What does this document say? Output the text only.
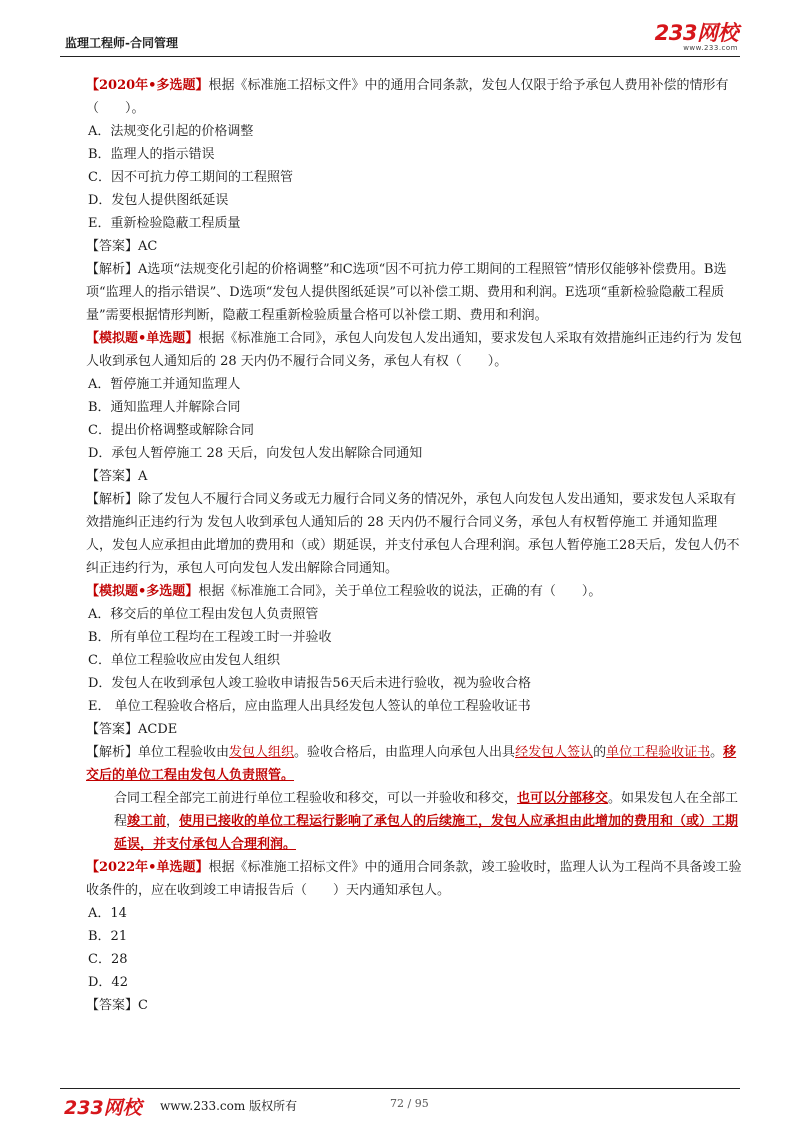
监理工程师-合同管理	233网校
www.233.com

【2020年•多选题】根据《标准施工招标文件》中的通用合同条款，发包人仅限于给予承包人费用补偿的情形有（　　）。

A．法规变化引起的价格调整

B．监理人的指示错误

C．因不可抗力停工期间的工程照管

D．发包人提供图纸延误

E．重新检验隐蔽工程质量

【答案】AC

【解析】A选项“法规变化引起的价格调整”和C选项“因不可抗力停工期间的工程照管”情形仅能够补偿费用。B选项“监理人的指示错误”、D选项“发包人提供图纸延误”可以补偿工期、费用和利润。E选项“重新检验隐蔽工程质量”需要根据情形判断，隐蔽工程重新检验质量合格可以补偿工期、费用和利润。

【模拟题•单选题】根据《标准施工合同》，承包人向发包人发出通知，要求发包人采取有效措施纠正违约行为 发包人收到承包人通知后的 28 天内仍不履行合同义务，承包人有权（　　）。

A．暂停施工并通知监理人

B．通知监理人并解除合同

C．提出价格调整或解除合同

D．承包人暂停施工 28 天后，向发包人发出解除合同通知

【答案】A

【解析】除了发包人不履行合同义务或无力履行合同义务的情况外，承包人向发包人发出通知，要求发包人采取有效措施纠正违约行为 发包人收到承包人通知后的 28 天内仍不履行合同义务，承包人有权暂停施工 并通知监理人，发包人应承担由此增加的费用和（或）期延误，并支付承包人合理利润。承包人暂停施工28天后，发包人仍不纠正违约行为，承包人可向发包人发出解除合同通知。

【模拟题•多选题】根据《标准施工合同》，关于单位工程验收的说法，正确的有（　　）。

A．移交后的单位工程由发包人负责照管

B．所有单位工程均在工程竣工时一并验收

C．单位工程验收应由发包人组织

D．发包人在收到承包人竣工验收申请报告56天后未进行验收，视为验收合格

E． 单位工程验收合格后，应由监理人出具经发包人签认的单位工程验收证书

【答案】ACDE

【解析】单位工程验收由发包人组织。验收合格后，由监理人向承包人出具经发包人签认的单位工程验收证书。移交后的单位工程由发包人负责照管。

合同工程全部完工前进行单位工程验收和移交，可以一并验收和移交，也可以分部移交。如果发包人在全部工程竣工前，使用已接收的单位工程运行影响了承包人的后续施工，发包人应承担由此增加的费用和（或）工期延误，并支付承包人合理利润。

【2022年•单选题】根据《标准施工招标文件》中的通用合同条款，竣工验收时，监理人认为工程尚不具备竣工验收条件的，应在收到竣工申请报告后（　　）天内通知承包人。

A．14

B．21

C．28

D．42

【答案】C

233网校 www.233.com 版权所有	72 / 95
